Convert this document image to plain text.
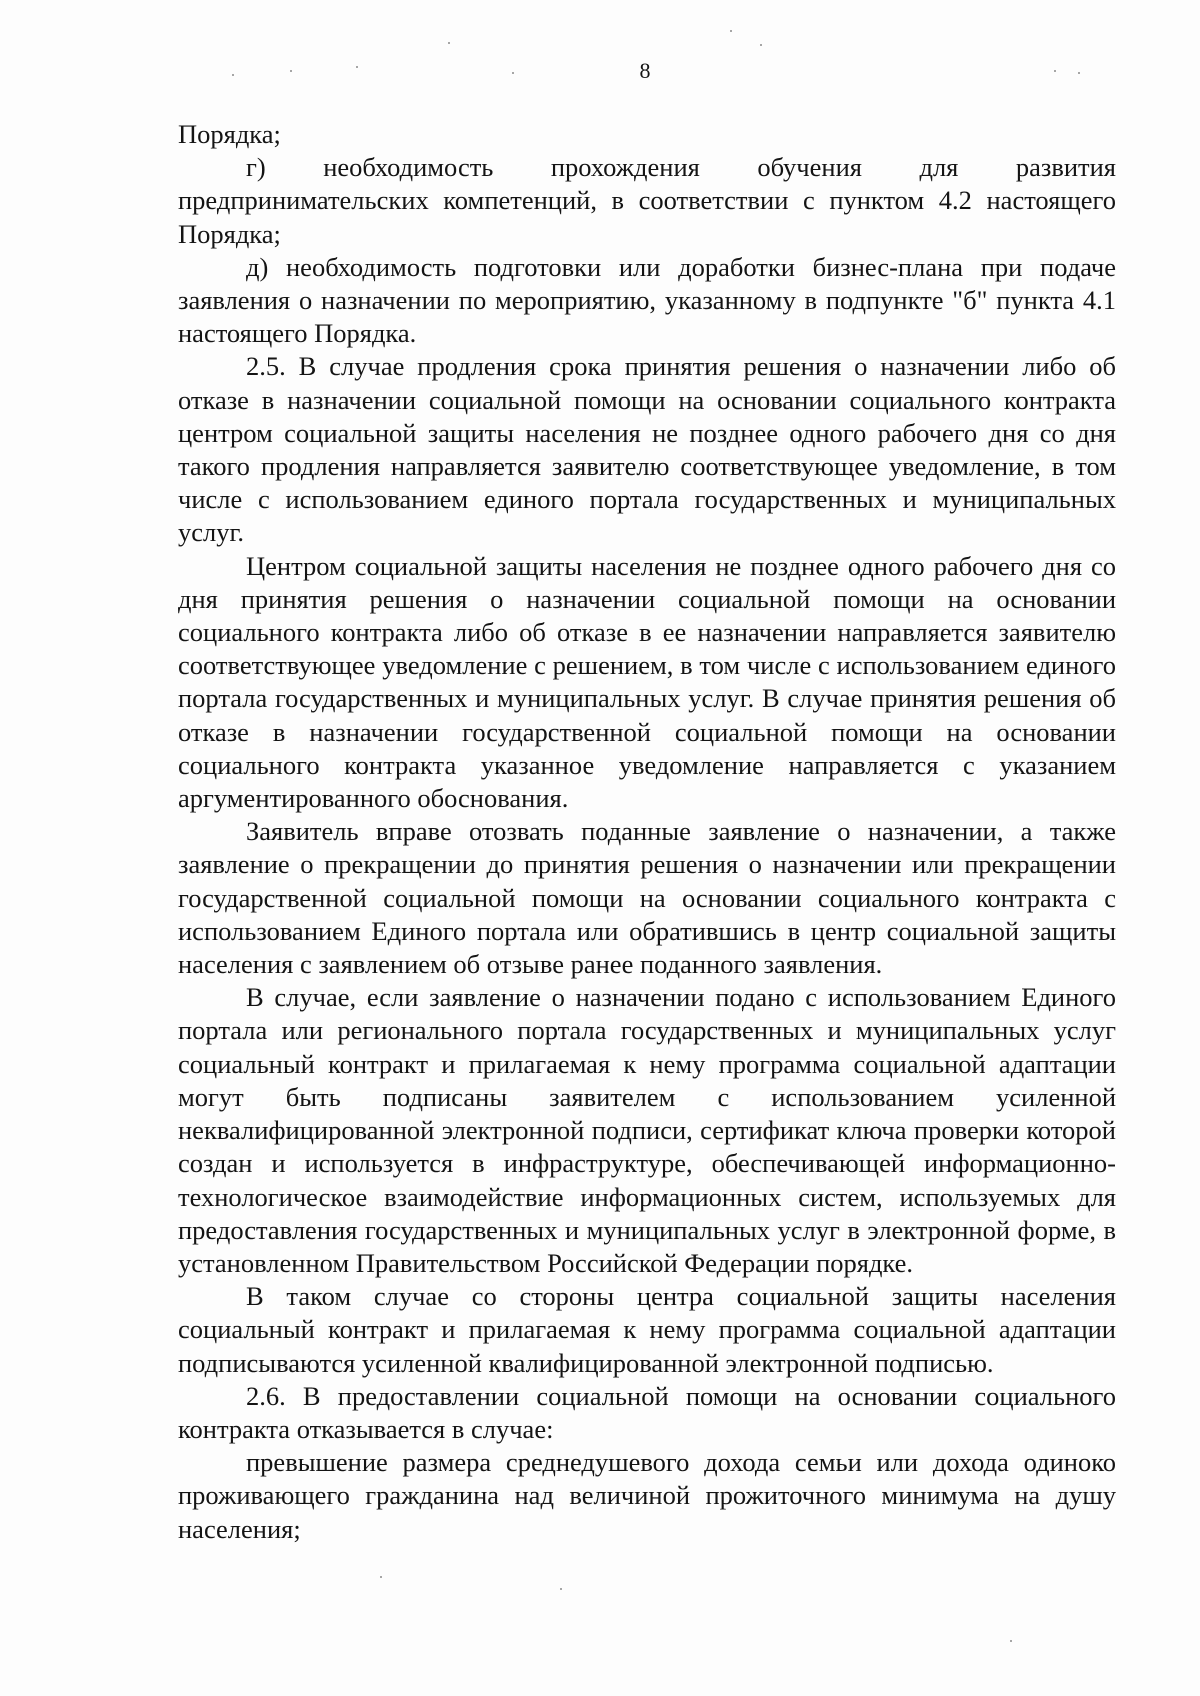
8

Порядка;

г) необходимость прохождения обучения для развития предпринимательских компетенций, в соответствии с пунктом 4.2 настоящего Порядка;

д) необходимость подготовки или доработки бизнес-плана при подаче заявления о назначении по мероприятию, указанному в подпункте "б" пункта 4.1 настоящего Порядка.

2.5. В случае продления срока принятия решения о назначении либо об отказе в назначении социальной помощи на основании социального контракта центром социальной защиты населения не позднее одного рабочего дня со дня такого продления направляется заявителю соответствующее уведомление, в том числе с использованием единого портала государственных и муниципальных услуг.

Центром социальной защиты населения не позднее одного рабочего дня со дня принятия решения о назначении социальной помощи на основании социального контракта либо об отказе в ее назначении направляется заявителю соответствующее уведомление с решением, в том числе с использованием единого портала государственных и муниципальных услуг. В случае принятия решения об отказе в назначении государственной социальной помощи на основании социального контракта указанное уведомление направляется с указанием аргументированного обоснования.

Заявитель вправе отозвать поданные заявление о назначении, а также заявление о прекращении до принятия решения о назначении или прекращении государственной социальной помощи на основании социального контракта с использованием Единого портала или обратившись в центр социальной защиты населения с заявлением об отзыве ранее поданного заявления.

В случае, если заявление о назначении подано с использованием Единого портала или регионального портала государственных и муниципальных услуг социальный контракт и прилагаемая к нему программа социальной адаптации могут быть подписаны заявителем с использованием усиленной неквалифицированной электронной подписи, сертификат ключа проверки которой создан и используется в инфраструктуре, обеспечивающей информационно-технологическое взаимодействие информационных систем, используемых для предоставления государственных и муниципальных услуг в электронной форме, в установленном Правительством Российской Федерации порядке.

В таком случае со стороны центра социальной защиты населения социальный контракт и прилагаемая к нему программа социальной адаптации подписываются усиленной квалифицированной электронной подписью.

2.6. В предоставлении социальной помощи на основании социального контракта отказывается в случае:

превышение размера среднедушевого дохода семьи или дохода одиноко проживающего гражданина над величиной прожиточного минимума на душу населения;
